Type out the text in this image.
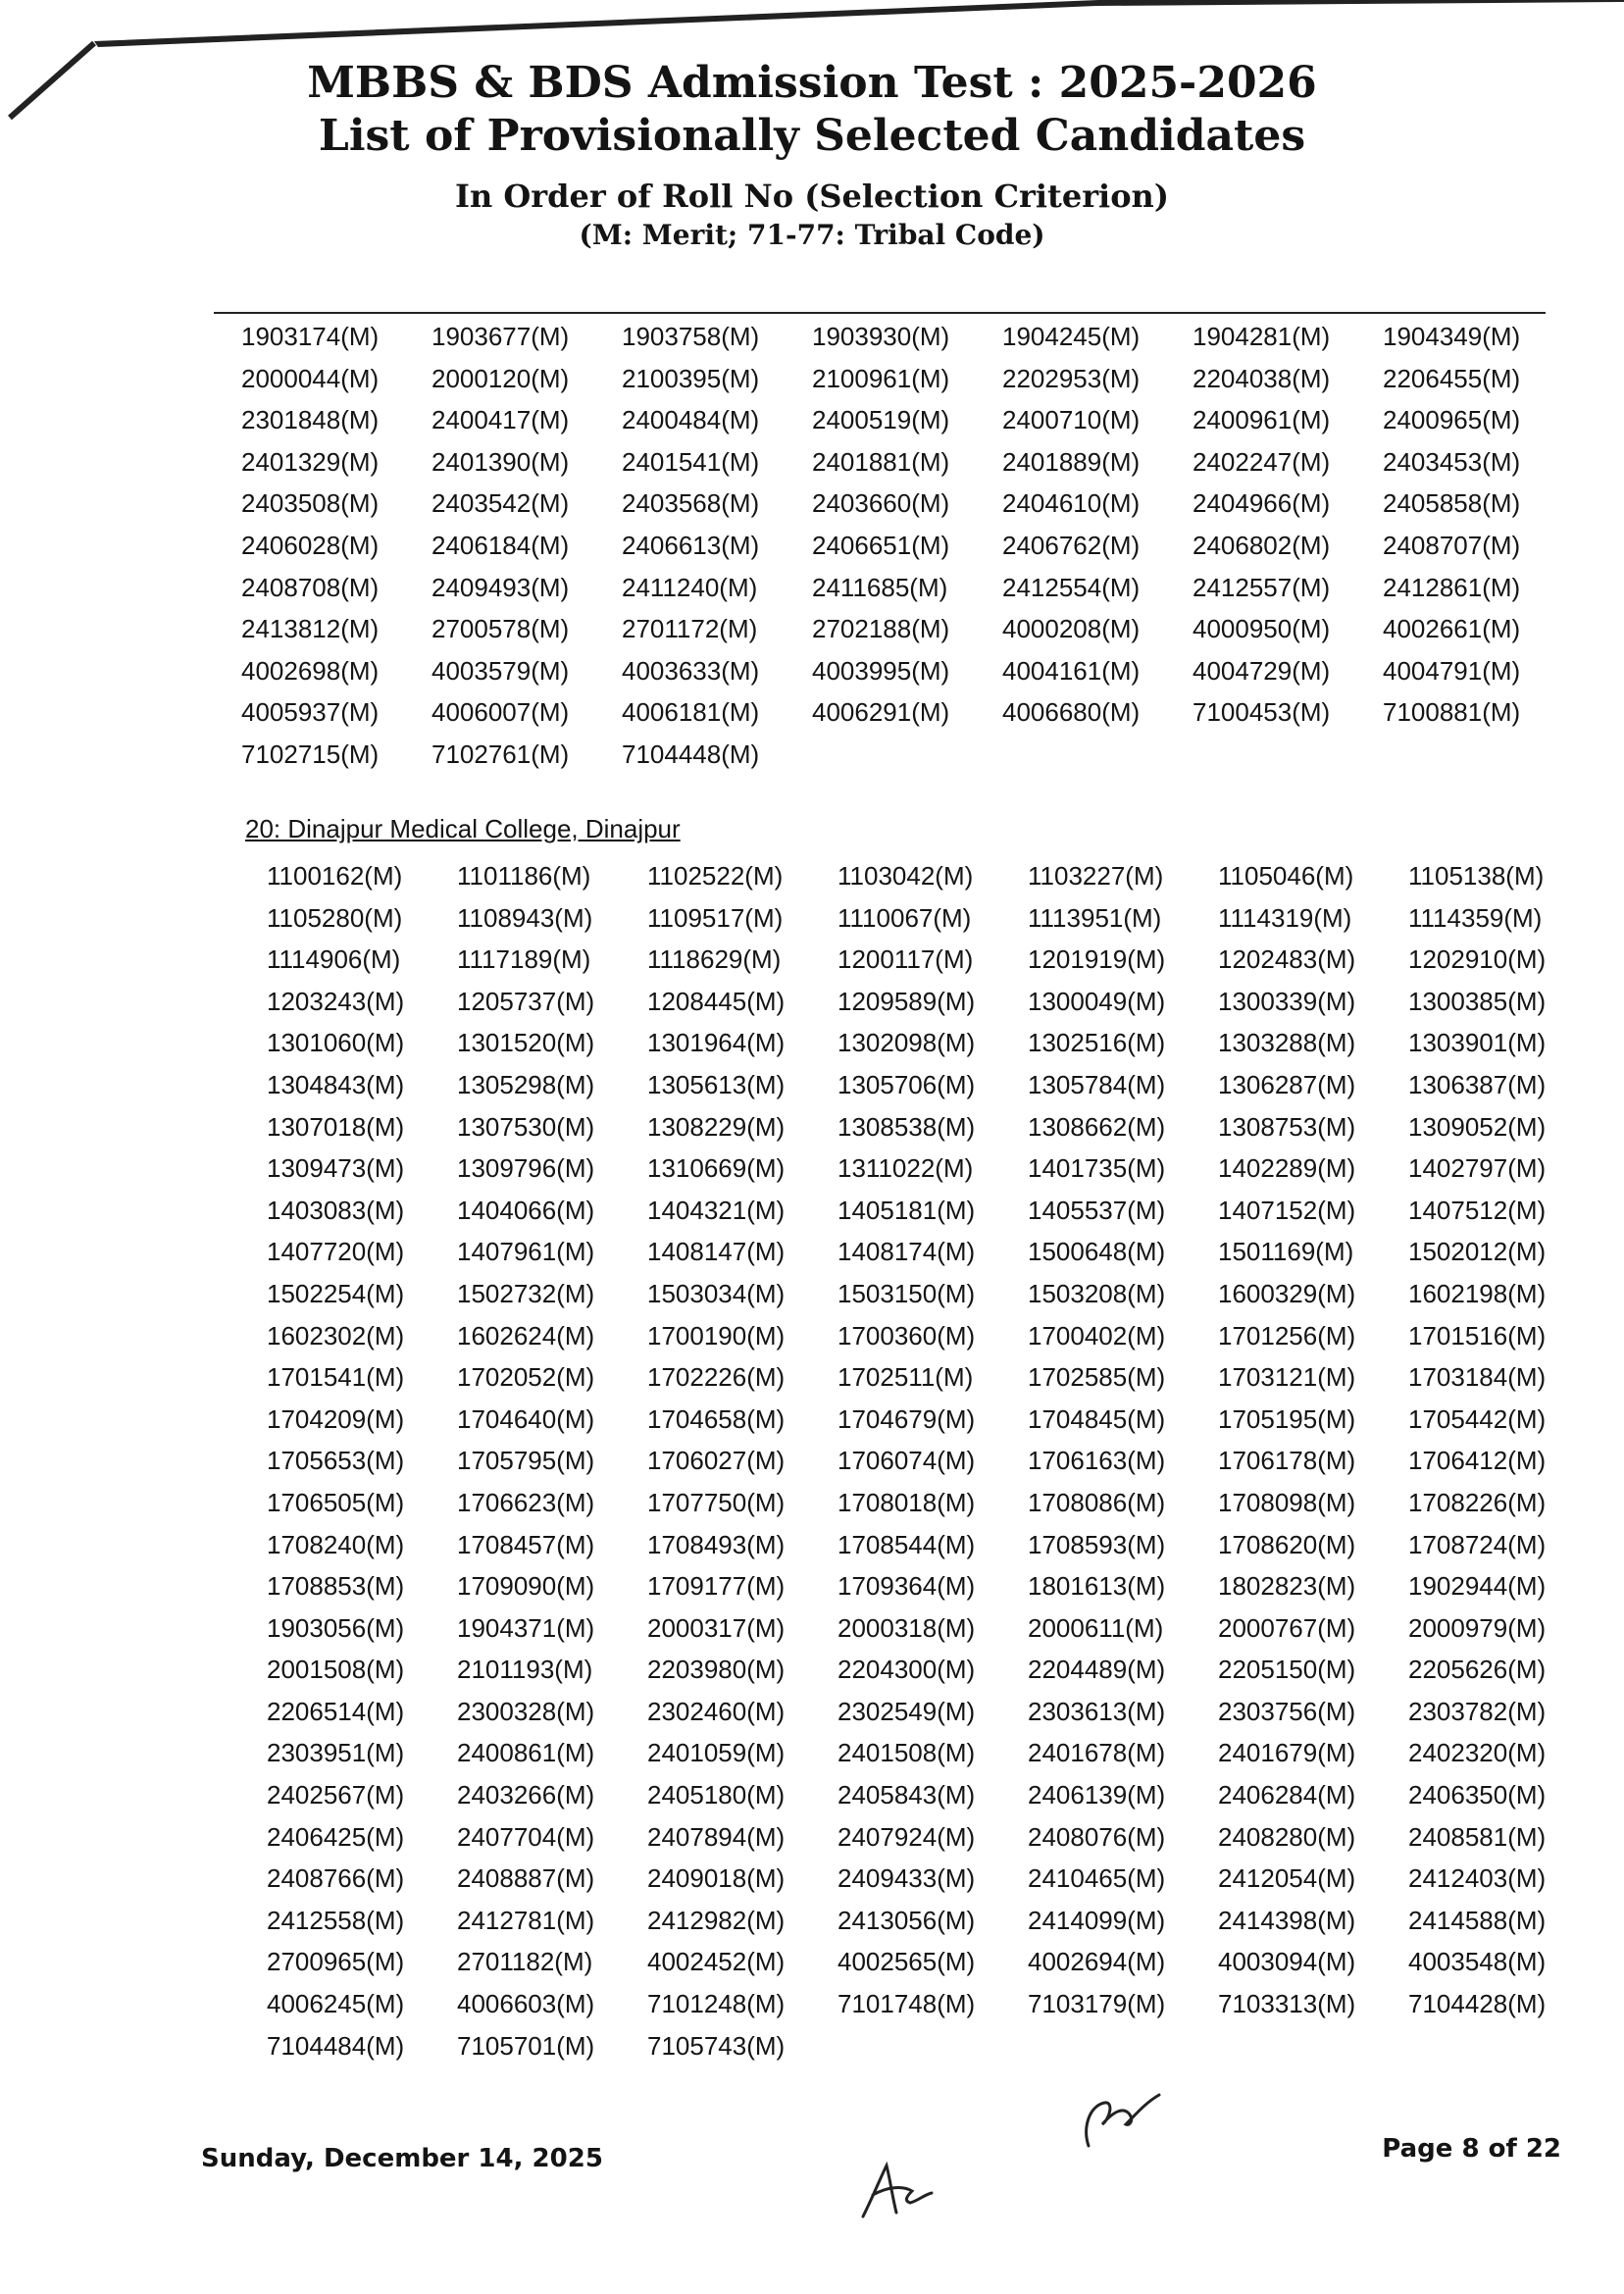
MBBS & BDS Admission Test : 2025-2026
List of Provisionally Selected Candidates
In Order of Roll No (Selection Criterion)
(M: Merit; 71-77: Tribal Code)
1903174(M)	1903677(M)	1903758(M)	1903930(M)	1904245(M)	1904281(M)	1904349(M)
2000044(M)	2000120(M)	2100395(M)	2100961(M)	2202953(M)	2204038(M)	2206455(M)
2301848(M)	2400417(M)	2400484(M)	2400519(M)	2400710(M)	2400961(M)	2400965(M)
2401329(M)	2401390(M)	2401541(M)	2401881(M)	2401889(M)	2402247(M)	2403453(M)
2403508(M)	2403542(M)	2403568(M)	2403660(M)	2404610(M)	2404966(M)	2405858(M)
2406028(M)	2406184(M)	2406613(M)	2406651(M)	2406762(M)	2406802(M)	2408707(M)
2408708(M)	2409493(M)	2411240(M)	2411685(M)	2412554(M)	2412557(M)	2412861(M)
2413812(M)	2700578(M)	2701172(M)	2702188(M)	4000208(M)	4000950(M)	4002661(M)
4002698(M)	4003579(M)	4003633(M)	4003995(M)	4004161(M)	4004729(M)	4004791(M)
4005937(M)	4006007(M)	4006181(M)	4006291(M)	4006680(M)	7100453(M)	7100881(M)
7102715(M)	7102761(M)	7104448(M)
20: Dinajpur Medical College, Dinajpur
1100162(M)	1101186(M)	1102522(M)	1103042(M)	1103227(M)	1105046(M)	1105138(M)
1105280(M)	1108943(M)	1109517(M)	1110067(M)	1113951(M)	1114319(M)	1114359(M)
1114906(M)	1117189(M)	1118629(M)	1200117(M)	1201919(M)	1202483(M)	1202910(M)
1203243(M)	1205737(M)	1208445(M)	1209589(M)	1300049(M)	1300339(M)	1300385(M)
1301060(M)	1301520(M)	1301964(M)	1302098(M)	1302516(M)	1303288(M)	1303901(M)
1304843(M)	1305298(M)	1305613(M)	1305706(M)	1305784(M)	1306287(M)	1306387(M)
1307018(M)	1307530(M)	1308229(M)	1308538(M)	1308662(M)	1308753(M)	1309052(M)
1309473(M)	1309796(M)	1310669(M)	1311022(M)	1401735(M)	1402289(M)	1402797(M)
1403083(M)	1404066(M)	1404321(M)	1405181(M)	1405537(M)	1407152(M)	1407512(M)
1407720(M)	1407961(M)	1408147(M)	1408174(M)	1500648(M)	1501169(M)	1502012(M)
1502254(M)	1502732(M)	1503034(M)	1503150(M)	1503208(M)	1600329(M)	1602198(M)
1602302(M)	1602624(M)	1700190(M)	1700360(M)	1700402(M)	1701256(M)	1701516(M)
1701541(M)	1702052(M)	1702226(M)	1702511(M)	1702585(M)	1703121(M)	1703184(M)
1704209(M)	1704640(M)	1704658(M)	1704679(M)	1704845(M)	1705195(M)	1705442(M)
1705653(M)	1705795(M)	1706027(M)	1706074(M)	1706163(M)	1706178(M)	1706412(M)
1706505(M)	1706623(M)	1707750(M)	1708018(M)	1708086(M)	1708098(M)	1708226(M)
1708240(M)	1708457(M)	1708493(M)	1708544(M)	1708593(M)	1708620(M)	1708724(M)
1708853(M)	1709090(M)	1709177(M)	1709364(M)	1801613(M)	1802823(M)	1902944(M)
1903056(M)	1904371(M)	2000317(M)	2000318(M)	2000611(M)	2000767(M)	2000979(M)
2001508(M)	2101193(M)	2203980(M)	2204300(M)	2204489(M)	2205150(M)	2205626(M)
2206514(M)	2300328(M)	2302460(M)	2302549(M)	2303613(M)	2303756(M)	2303782(M)
2303951(M)	2400861(M)	2401059(M)	2401508(M)	2401678(M)	2401679(M)	2402320(M)
2402567(M)	2403266(M)	2405180(M)	2405843(M)	2406139(M)	2406284(M)	2406350(M)
2406425(M)	2407704(M)	2407894(M)	2407924(M)	2408076(M)	2408280(M)	2408581(M)
2408766(M)	2408887(M)	2409018(M)	2409433(M)	2410465(M)	2412054(M)	2412403(M)
2412558(M)	2412781(M)	2412982(M)	2413056(M)	2414099(M)	2414398(M)	2414588(M)
2700965(M)	2701182(M)	4002452(M)	4002565(M)	4002694(M)	4003094(M)	4003548(M)
4006245(M)	4006603(M)	7101248(M)	7101748(M)	7103179(M)	7103313(M)	7104428(M)
7104484(M)	7105701(M)	7105743(M)
Sunday, December 14, 2025	Page 8 of 22
